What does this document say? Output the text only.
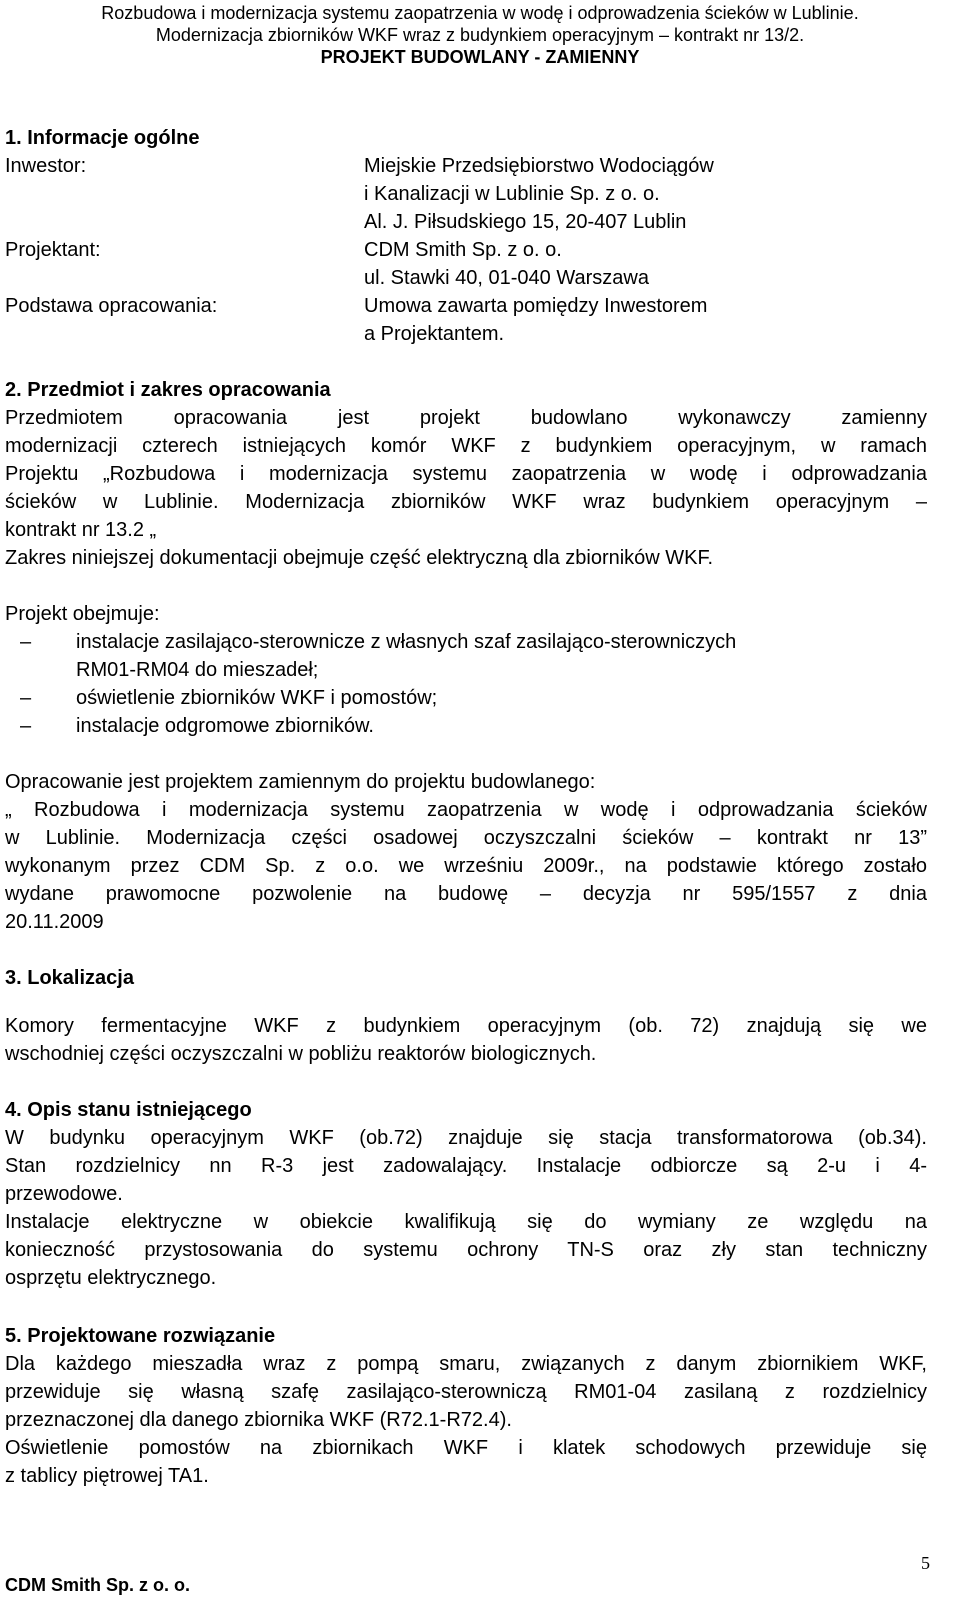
Rozbudowa i modernizacja systemu zaopatrzenia w wodę i odprowadzenia ścieków w Lublinie.
Modernizacja zbiorników WKF wraz z budynkiem operacyjnym – kontrakt nr 13/2.
PROJEKT BUDOWLANY - ZAMIENNY
1. Informacje ogólne
Inwestor:	Miejskie Przedsiębiorstwo Wodociągów
i Kanalizacji w Lublinie Sp. z o. o.
Al. J. Piłsudskiego 15, 20-407 Lublin
Projektant:	CDM Smith Sp. z o. o.
ul. Stawki 40, 01-040 Warszawa
Podstawa opracowania:	Umowa zawarta pomiędzy Inwestorem
a Projektantem.
2. Przedmiot i zakres opracowania
Przedmiotem opracowania jest projekt budowlano wykonawczy zamienny
modernizacji czterech istniejących komór WKF z budynkiem operacyjnym, w ramach
Projektu „Rozbudowa i modernizacja systemu zaopatrzenia w wodę i odprowadzania
ścieków w Lublinie. Modernizacja zbiorników WKF wraz budynkiem operacyjnym –
kontrakt nr 13.2 „
Zakres niniejszej dokumentacji obejmuje część elektryczną dla zbiorników WKF.
Projekt obejmuje:
– instalacje zasilająco-sterownicze z własnych szaf zasilająco-sterowniczych
RM01-RM04 do mieszadeł;
– oświetlenie zbiorników WKF i pomostów;
– instalacje odgromowe zbiorników.
Opracowanie jest projektem zamiennym do projektu budowlanego:
„ Rozbudowa i modernizacja systemu zaopatrzenia w wodę i odprowadzania ścieków
w Lublinie. Modernizacja części osadowej oczyszczalni ścieków – kontrakt nr 13”
wykonanym przez CDM Sp. z o.o. we wrześniu 2009r., na podstawie którego zostało
wydane prawomocne pozwolenie na budowę – decyzja nr 595/1557 z dnia
20.11.2009
3. Lokalizacja
Komory fermentacyjne WKF z budynkiem operacyjnym (ob. 72) znajdują się we
wschodniej części oczyszczalni w pobliżu reaktorów biologicznych.
4. Opis stanu istniejącego
W budynku operacyjnym WKF (ob.72) znajduje się stacja transformatorowa (ob.34).
Stan rozdzielnicy nn R-3 jest zadowalający. Instalacje odbiorcze są 2-u i 4-
przewodowe.
Instalacje elektryczne w obiekcie kwalifikują się do wymiany ze względu na
konieczność przystosowania do systemu ochrony TN-S oraz zły stan techniczny
osprzętu elektrycznego.
5. Projektowane rozwiązanie
Dla każdego mieszadła wraz z pompą smaru, związanych z danym zbiornikiem WKF,
przewiduje się własną szafę zasilająco-sterowniczą RM01-04 zasilaną z rozdzielnicy
przeznaczonej dla danego zbiornika WKF (R72.1-R72.4).
Oświetlenie pomostów na zbiornikach WKF i klatek schodowych przewiduje się
z tablicy piętrowej TA1.
5
CDM Smith Sp. z o. o.
